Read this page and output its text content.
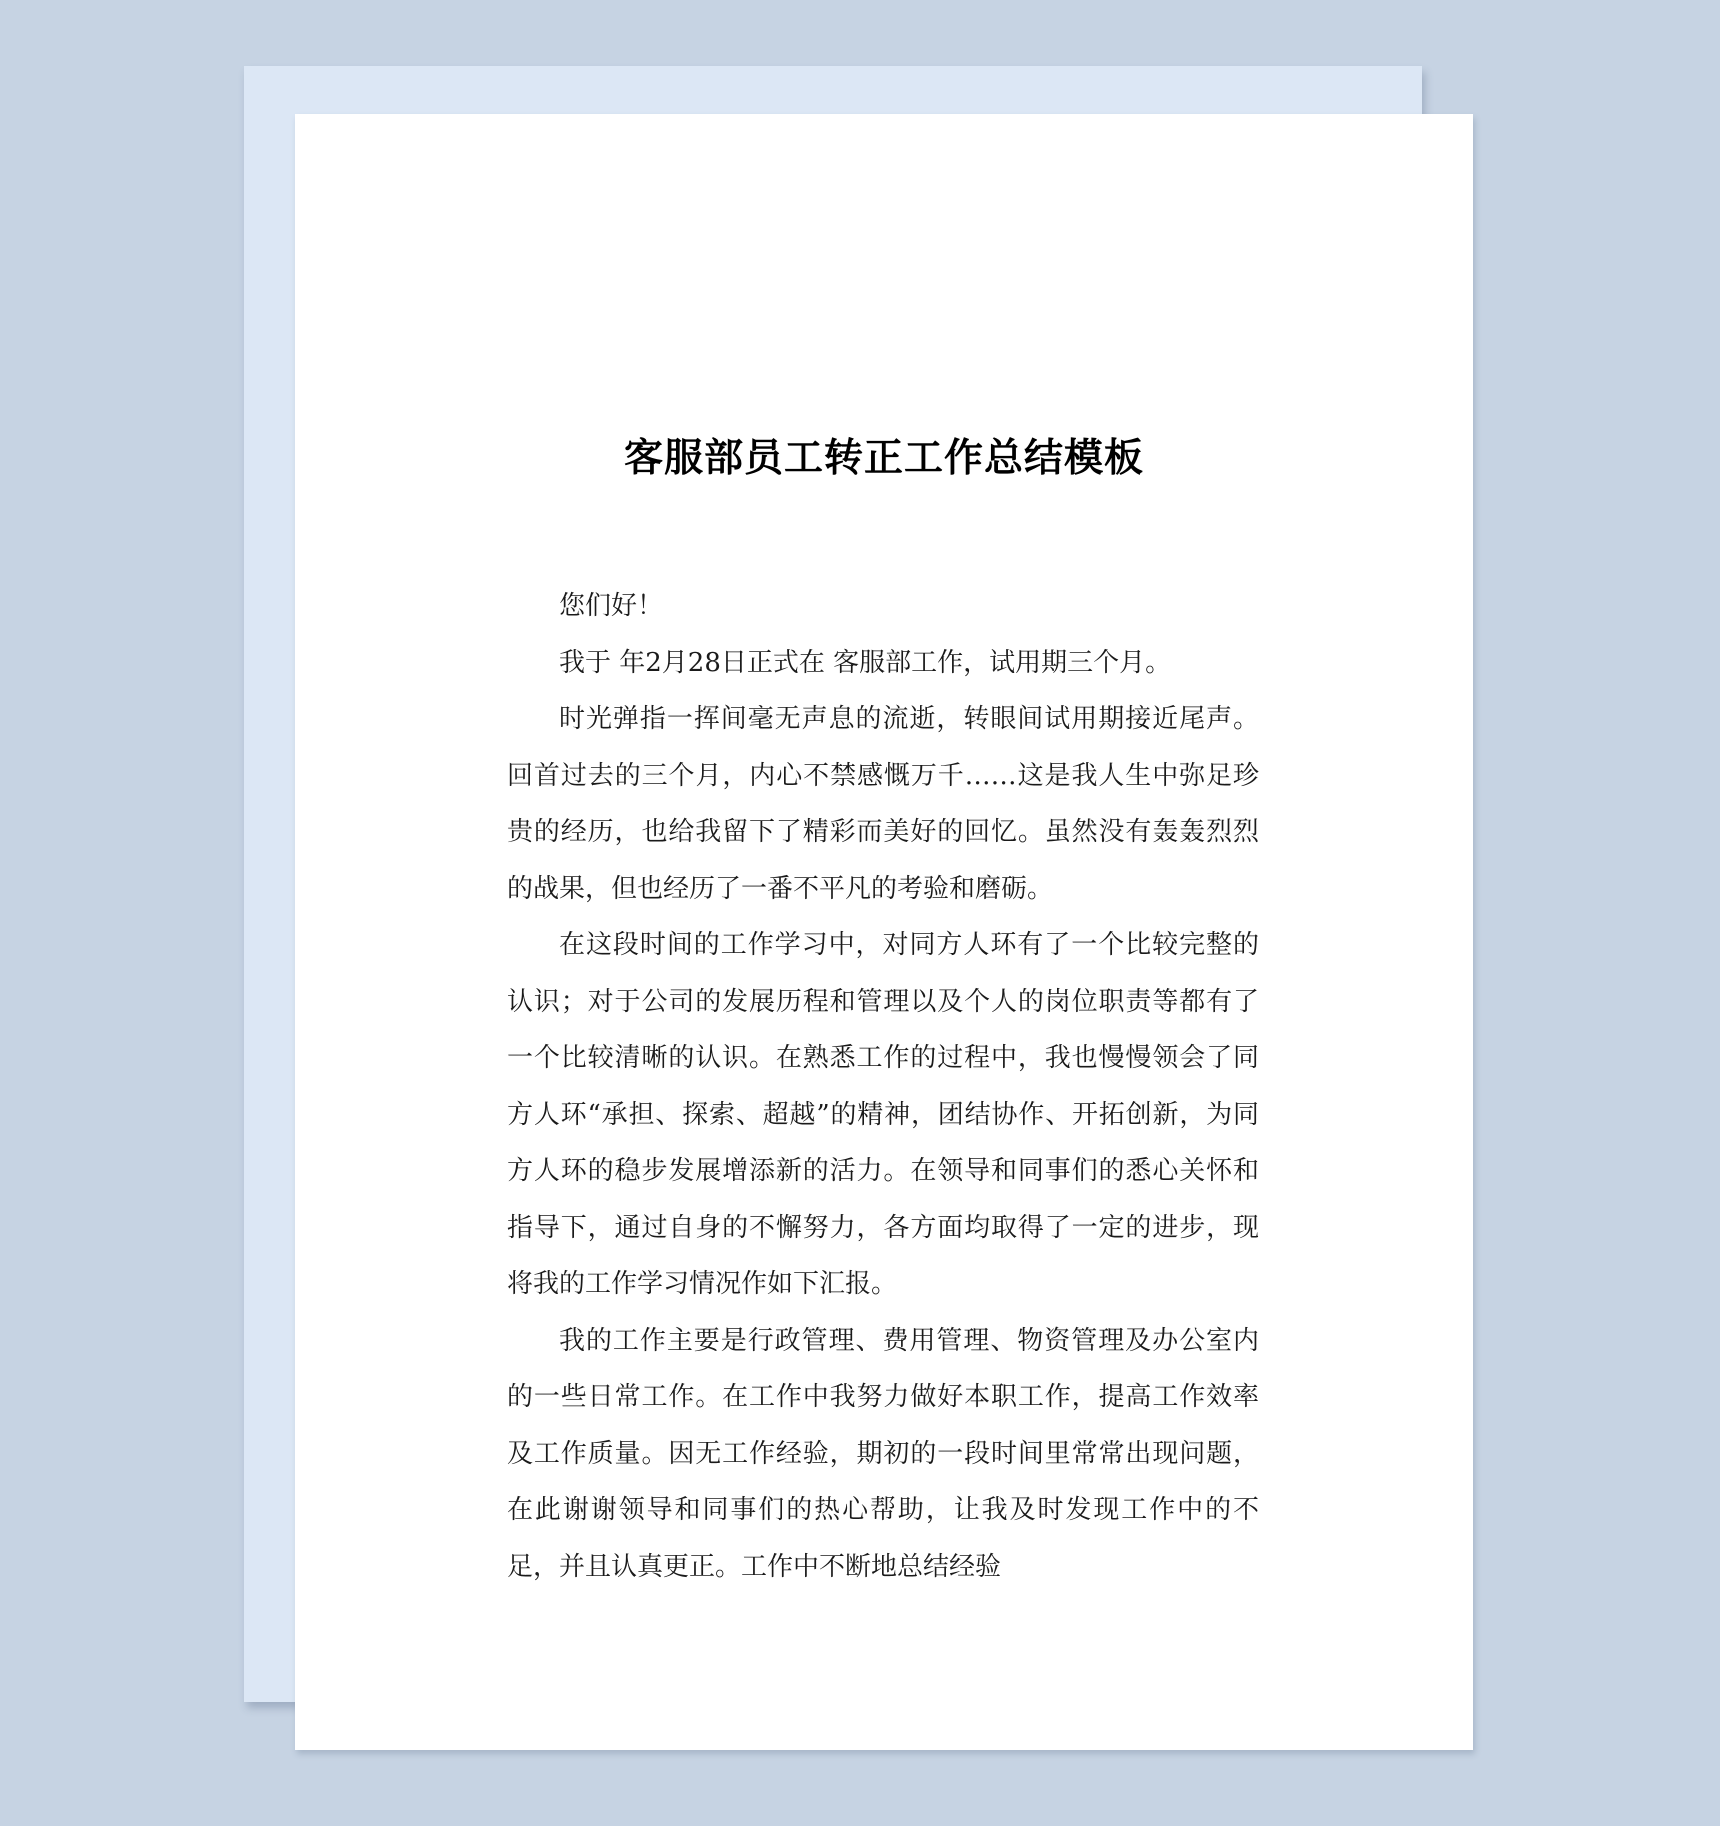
客服部员工转正工作总结模板

您们好！

我于 年2月28日正式在 客服部工作，试用期三个月。

时光弹指一挥间毫无声息的流逝，转眼间试用期接近尾声。回首过去的三个月，内心不禁感慨万千……这是我人生中弥足珍贵的经历，也给我留下了精彩而美好的回忆。虽然没有轰轰烈烈的战果，但也经历了一番不平凡的考验和磨砺。

在这段时间的工作学习中，对同方人环有了一个比较完整的认识；对于公司的发展历程和管理以及个人的岗位职责等都有了一个比较清晰的认识。在熟悉工作的过程中，我也慢慢领会了同方人环“承担、探索、超越”的精神，团结协作、开拓创新，为同方人环的稳步发展增添新的活力。在领导和同事们的悉心关怀和指导下，通过自身的不懈努力，各方面均取得了一定的进步，现将我的工作学习情况作如下汇报。

我的工作主要是行政管理、费用管理、物资管理及办公室内的一些日常工作。在工作中我努力做好本职工作，提高工作效率及工作质量。因无工作经验，期初的一段时间里常常出现问题，在此谢谢领导和同事们的热心帮助，让我及时发现工作中的不足，并且认真更正。工作中不断地总结经验
